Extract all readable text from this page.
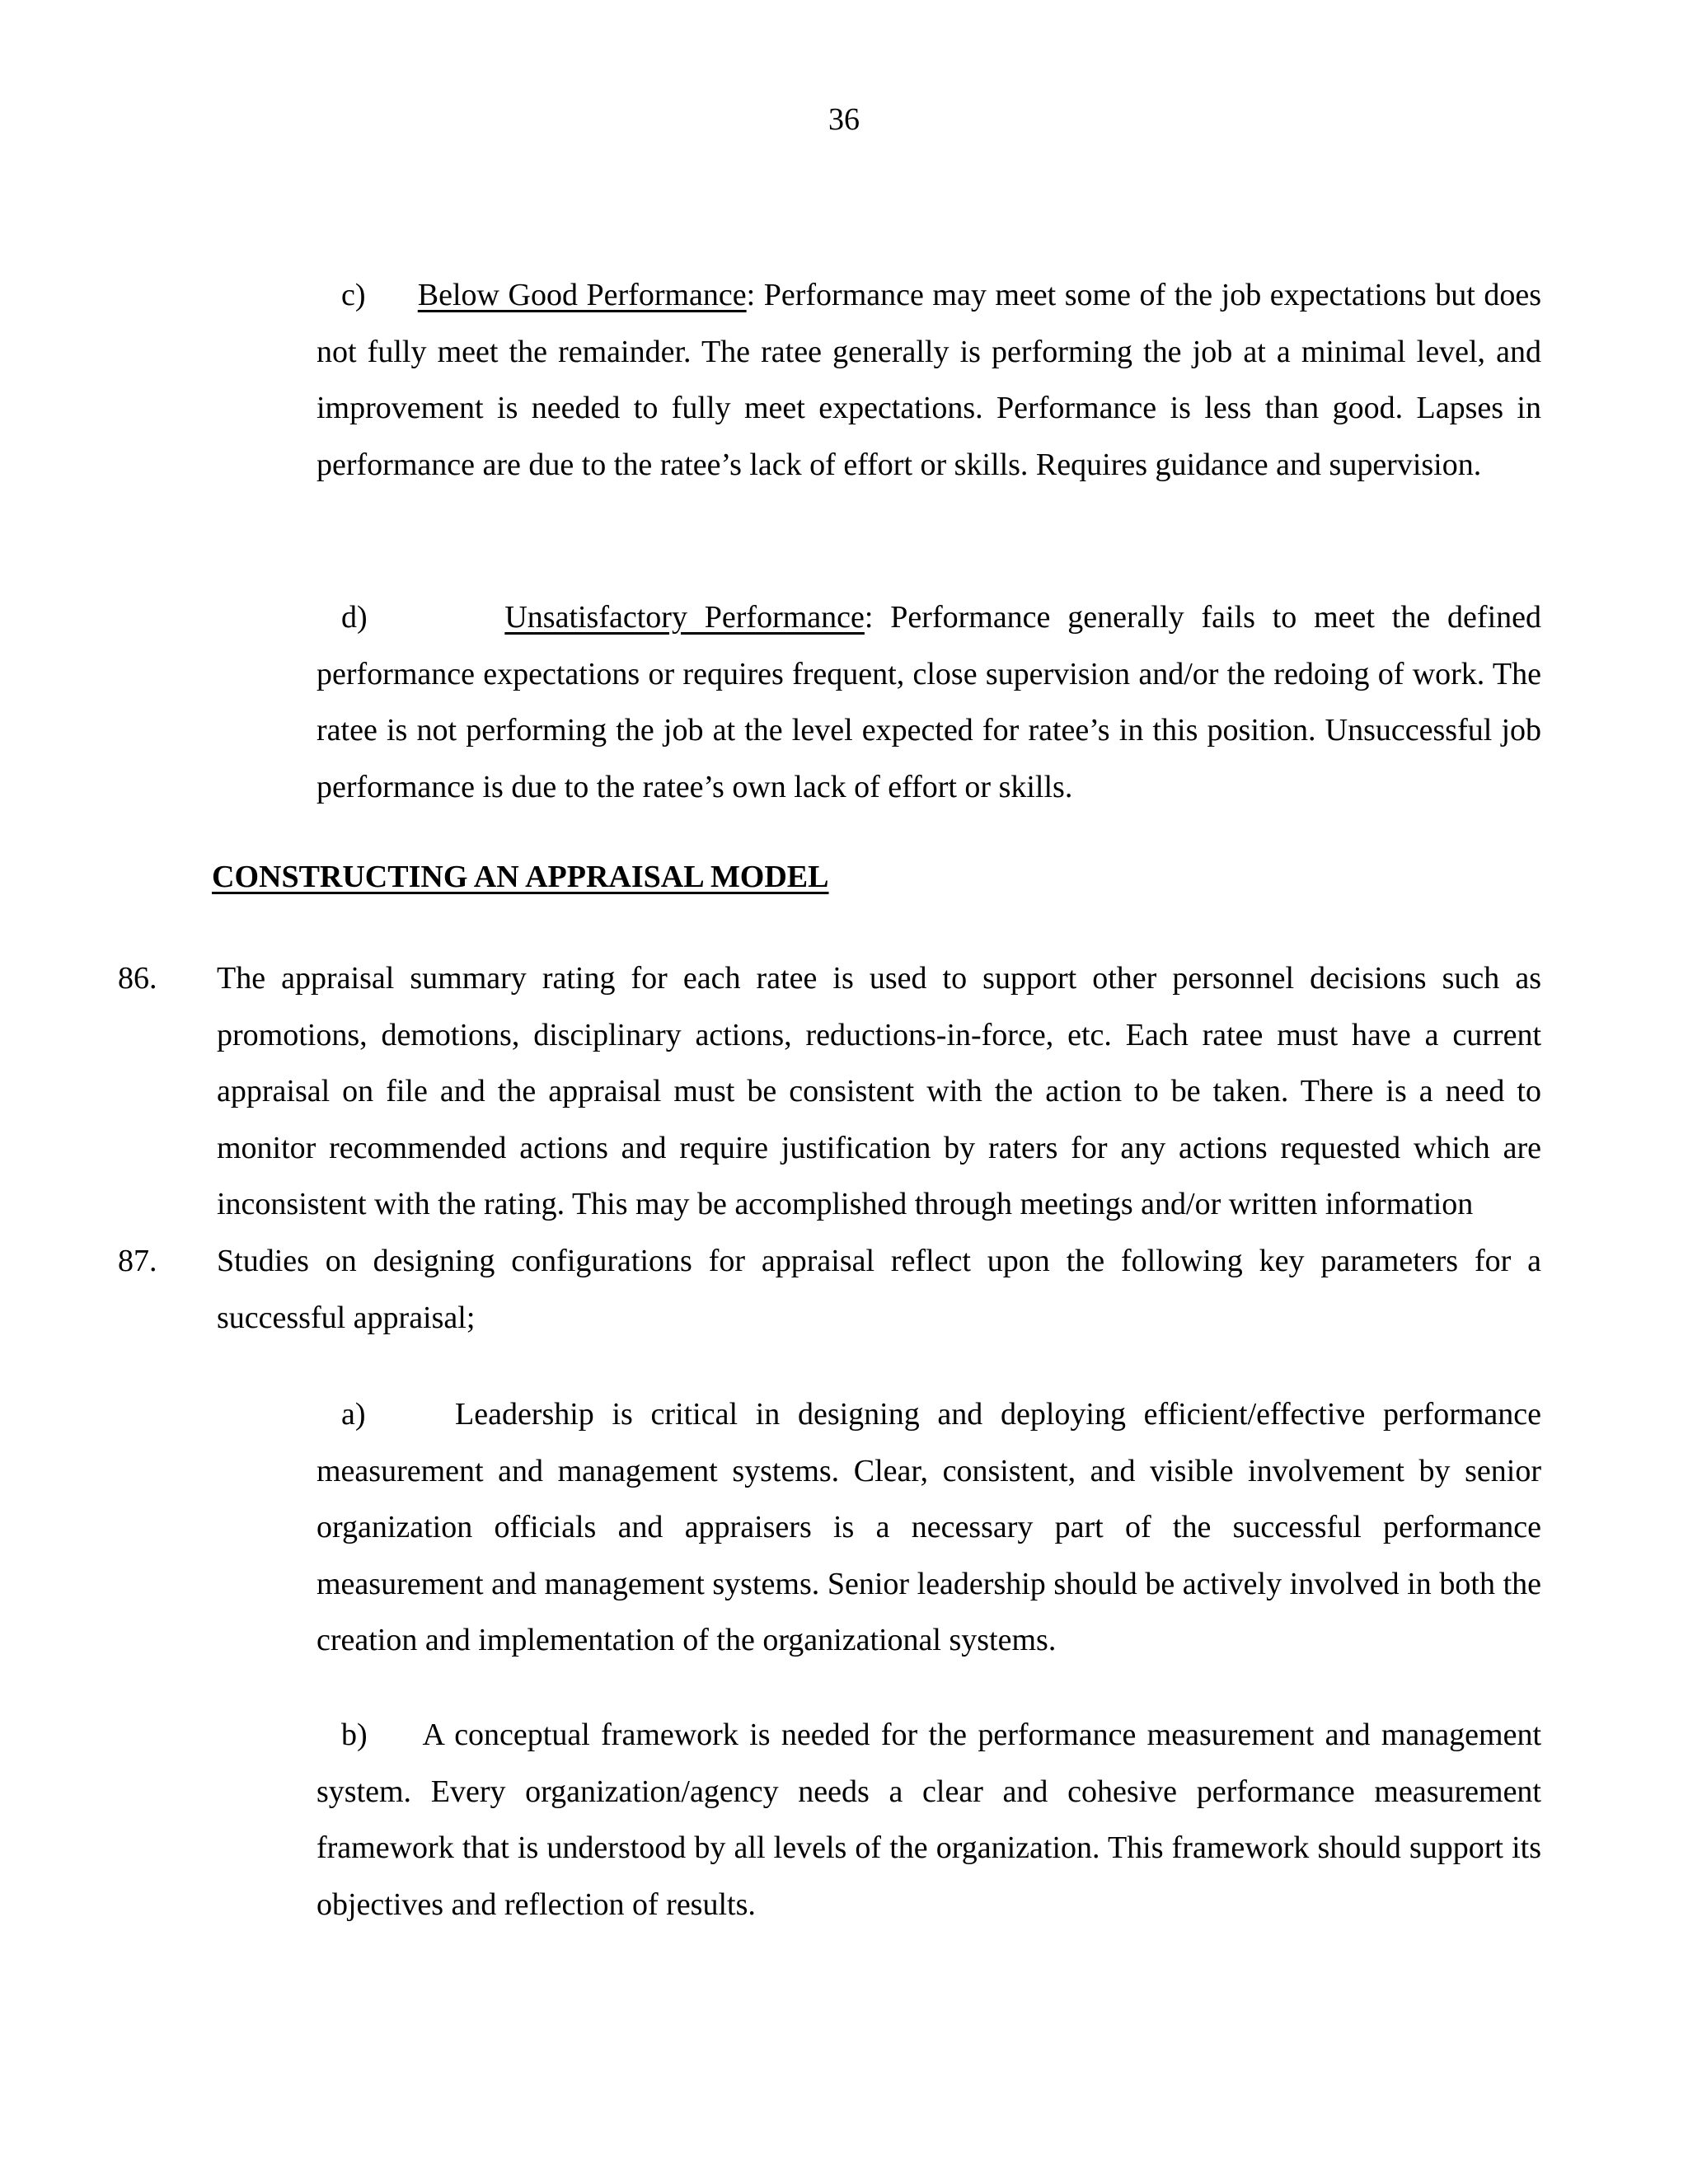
36

c) Below Good Performance: Performance may meet some of the job expectations but does not fully meet the remainder. The ratee generally is performing the job at a minimal level, and improvement is needed to fully meet expectations. Performance is less than good. Lapses in performance are due to the ratee’s lack of effort or skills. Requires guidance and supervision.

d)	Unsatisfactory Performance: Performance generally fails to meet the defined performance expectations or requires frequent, close supervision and/or the redoing of work. The ratee is not performing the job at the level expected for ratee’s in this position. Unsuccessful job performance is due to the ratee’s own lack of effort or skills.

CONSTRUCTING AN APPRAISAL MODEL
86. The appraisal summary rating for each ratee is used to support other personnel decisions such as promotions, demotions, disciplinary actions, reductions-in-force, etc. Each ratee must have a current appraisal on file and the appraisal must be consistent with the action to be taken. There is a need to monitor recommended actions and require justification by raters for any actions requested which are inconsistent with the rating. This may be accomplished through meetings and/or written information

87. Studies on designing configurations for appraisal reflect upon the following key parameters for a successful appraisal;

a)	Leadership is critical in designing and deploying efficient/effective performance measurement and management systems. Clear, consistent, and visible involvement by senior organization officials and appraisers is a necessary part of the successful performance measurement and management systems. Senior leadership should be actively involved in both the creation and implementation of the organizational systems.

b) A conceptual framework is needed for the performance measurement and management system. Every organization/agency needs a clear and cohesive performance measurement framework that is understood by all levels of the organization. This framework should support its objectives and reflection of results.
